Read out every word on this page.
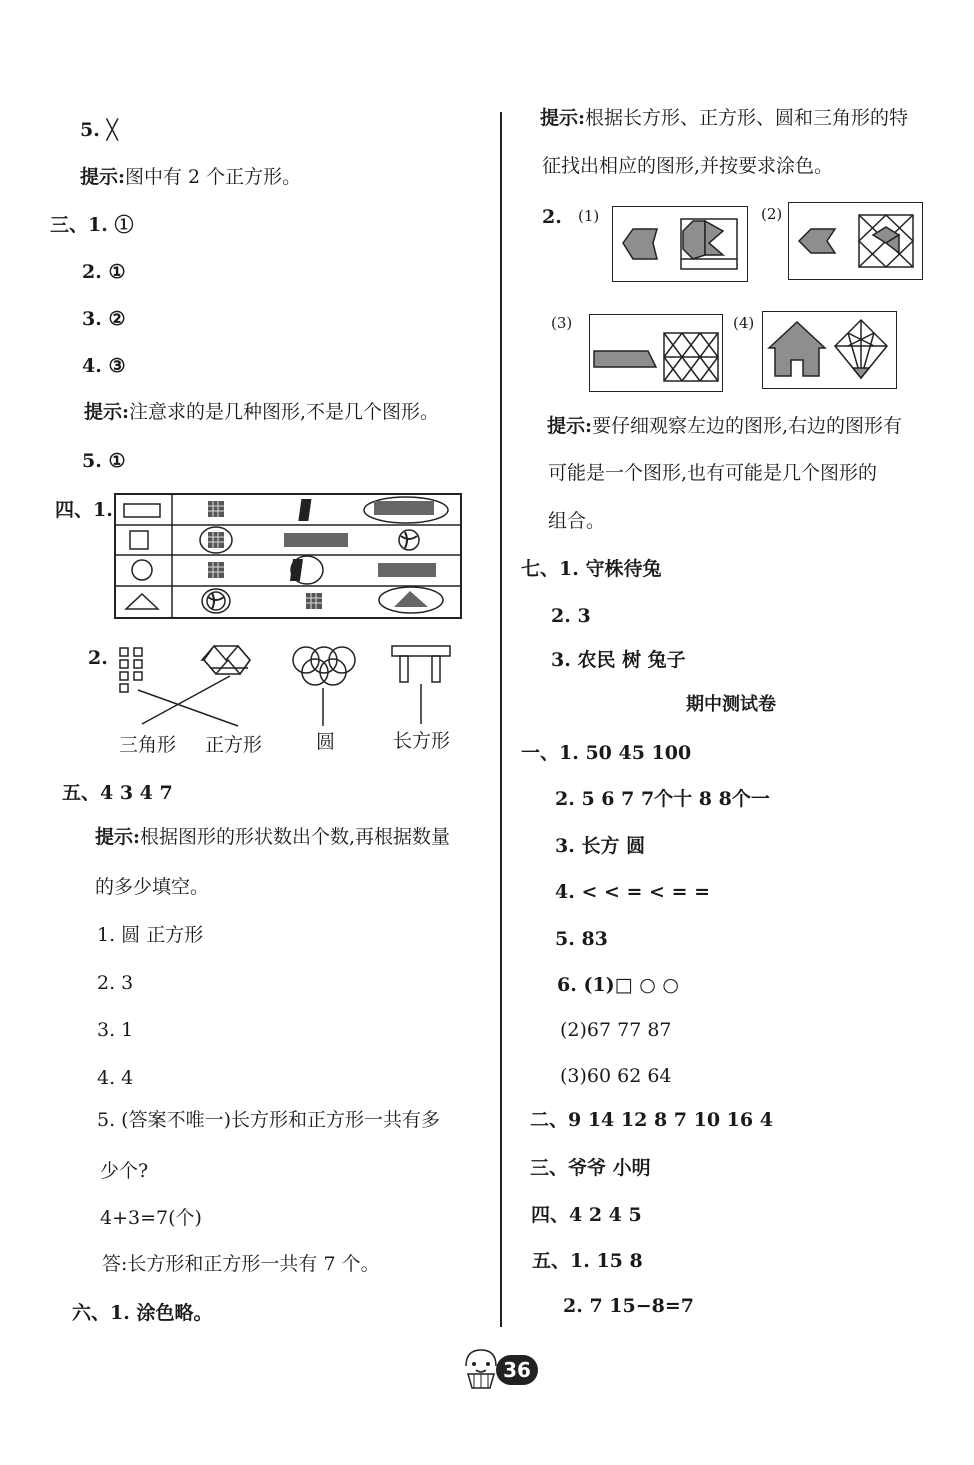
5. ╳
提示:图中有 2 个正方形。
三、1. ①
2. ①
3. ②
4. ③
提示:注意求的是几种图形,不是几个图形。
5. ①
四、1.
2.
三角形 正方形	圆	长方形
五、4 3 4 7
提示:根据图形的形状数出个数,再根据数量
的多少填空。
1. 圆 正方形
2. 3
3. 1
4. 4
5. (答案不唯一)长方形和正方形一共有多
少个?
4+3=7(个)
答:长方形和正方形一共有 7 个。
六、1. 涂色略。
提示:根据长方形、正方形、圆和三角形的特
征找出相应的图形,并按要求涂色。
2. (1)	(2)
(3)	(4)
提示:要仔细观察左边的图形,右边的图形有
可能是一个图形,也有可能是几个图形的
组合。
七、1. 守株待兔
2. 3
3. 农民 树 兔子
期中测试卷
一、1. 50 45 100
2. 5 6 7 7个十 8 8个一
3. 长方 圆
4. < < = < = =
5. 83
6. (1)□ ○ ○
(2)67 77 87
(3)60 62 64
二、9 14 12 8 7 10 16 4
三、爷爷 小明
四、4 2 4 5
五、1. 15 8
2. 7 15−8=7
36
